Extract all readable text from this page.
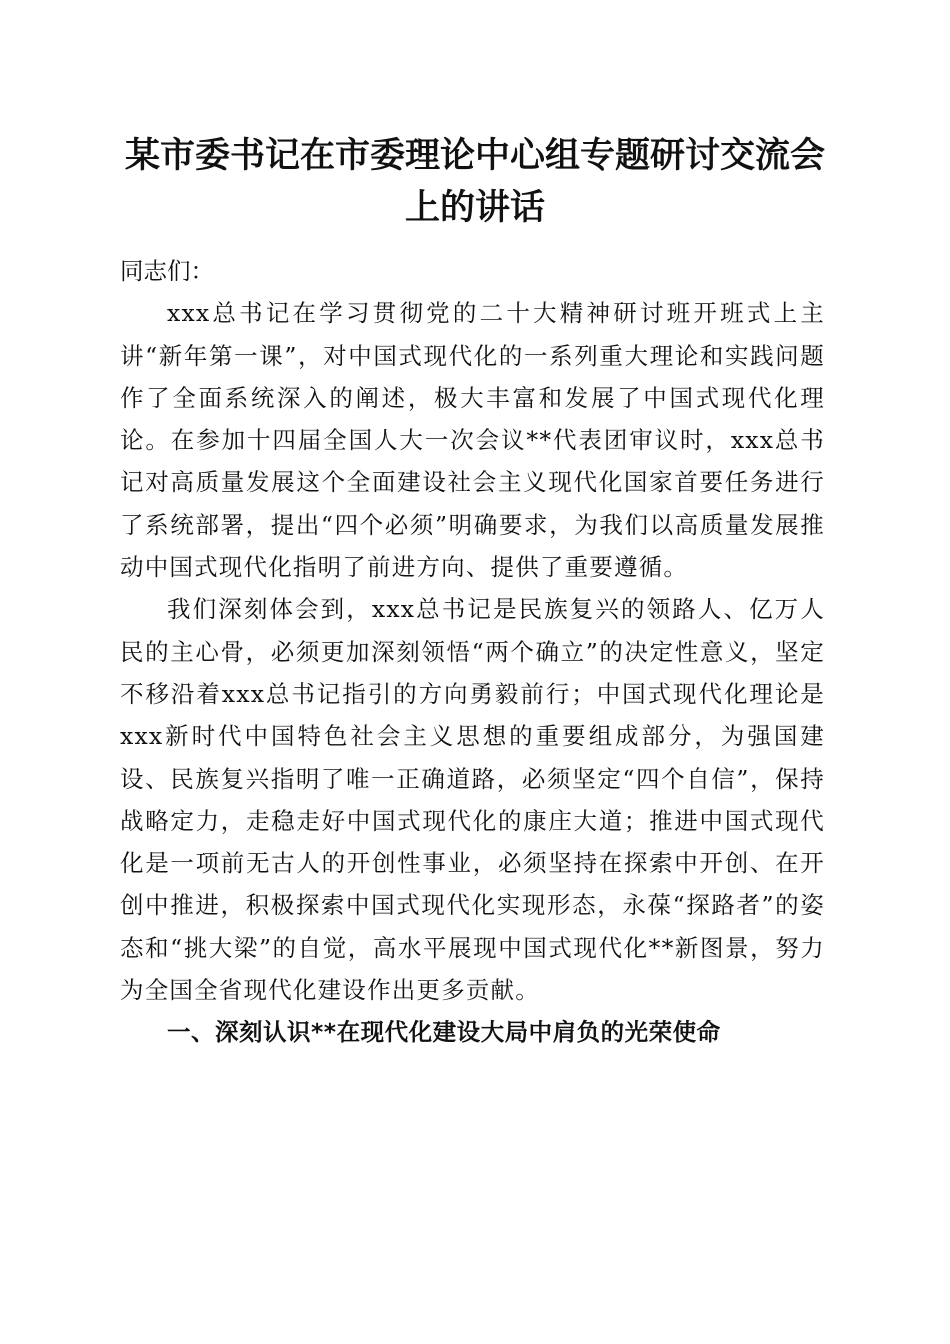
某市委书记在市委理论中心组专题研讨交流会上的讲话

同志们：

xxx总书记在学习贯彻党的二十大精神研讨班开班式上主讲“新年第一课”，对中国式现代化的一系列重大理论和实践问题作了全面系统深入的阐述，极大丰富和发展了中国式现代化理论。在参加十四届全国人大一次会议**代表团审议时，xxx总书记对高质量发展这个全面建设社会主义现代化国家首要任务进行了系统部署，提出“四个必须”明确要求，为我们以高质量发展推动中国式现代化指明了前进方向、提供了重要遵循。

我们深刻体会到，xxx总书记是民族复兴的领路人、亿万人民的主心骨，必须更加深刻领悟“两个确立”的决定性意义，坚定不移沿着xxx总书记指引的方向勇毅前行；中国式现代化理论是xxx新时代中国特色社会主义思想的重要组成部分，为强国建设、民族复兴指明了唯一正确道路，必须坚定“四个自信”，保持战略定力，走稳走好中国式现代化的康庄大道；推进中国式现代化是一项前无古人的开创性事业，必须坚持在探索中开创、在开创中推进，积极探索中国式现代化实现形态，永葆“探路者”的姿态和“挑大梁”的自觉，高水平展现中国式现代化**新图景，努力为全国全省现代化建设作出更多贡献。

一、深刻认识**在现代化建设大局中肩负的光荣使命
